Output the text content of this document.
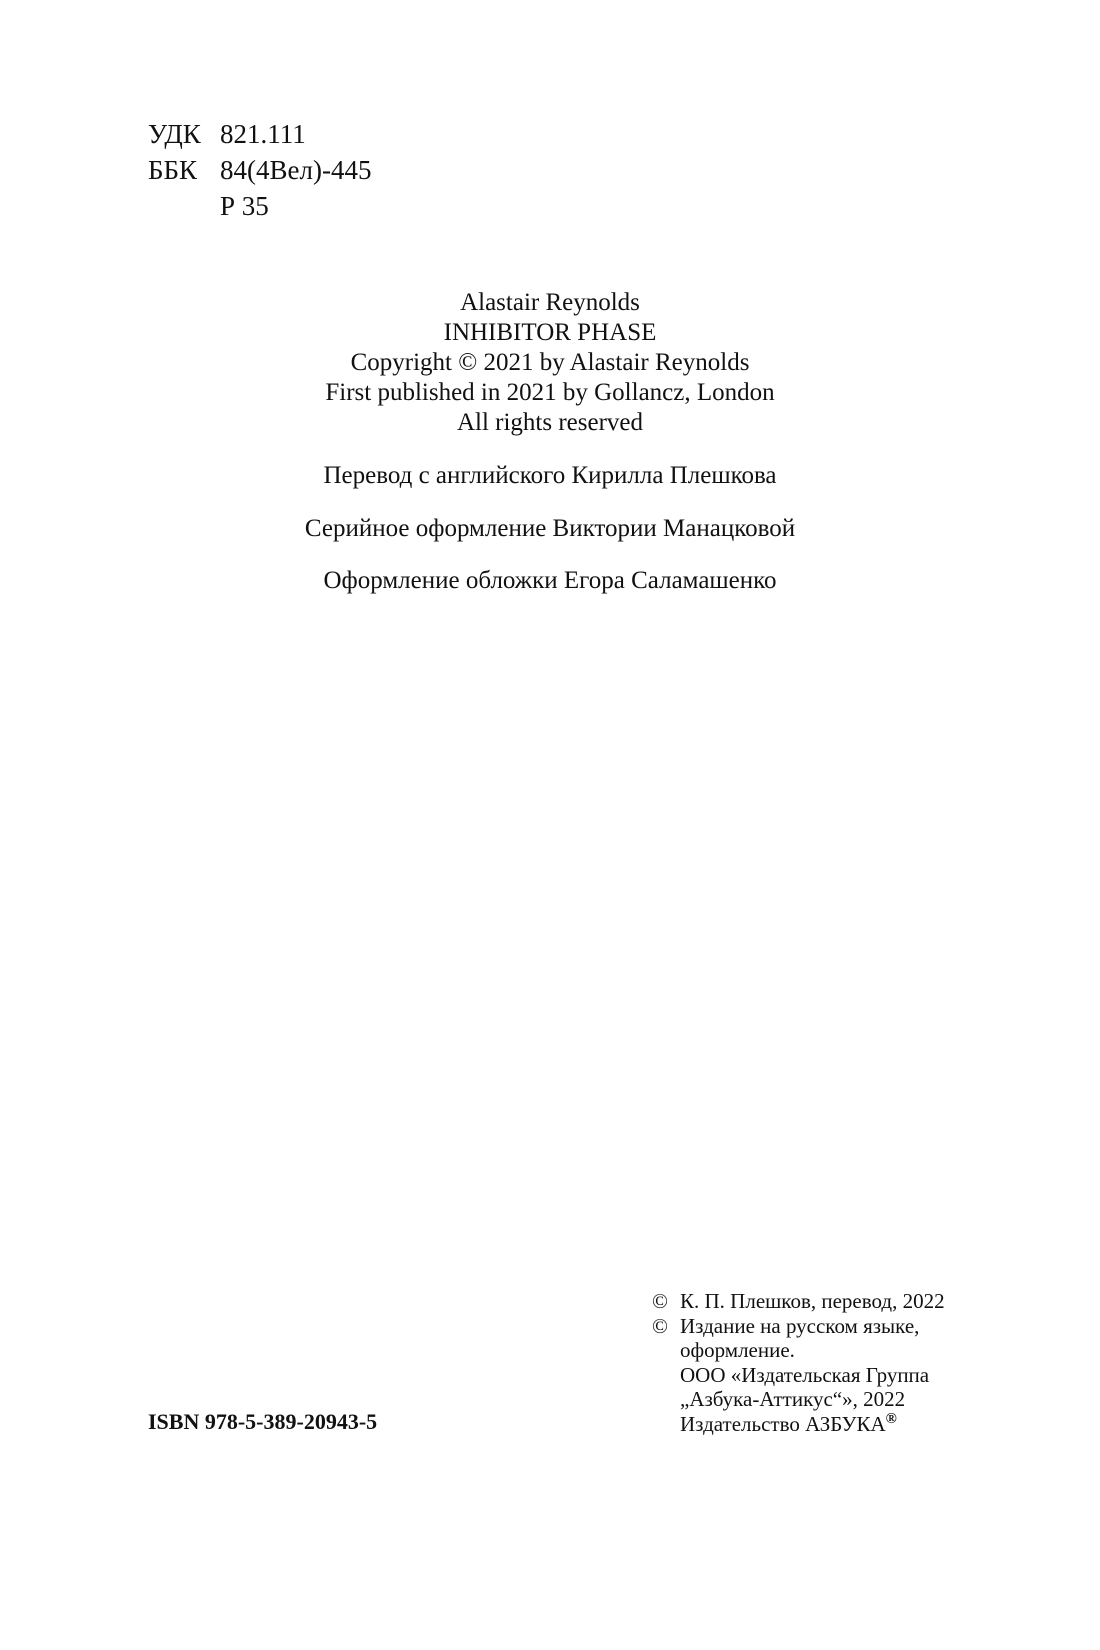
УДК 821.111
ББК 84(4Вел)-445
Р 35
Alastair Reynolds
INHIBITOR PHASE
Copyright © 2021 by Alastair Reynolds
First published in 2021 by Gollancz, London
All rights reserved
Перевод с английского Кирилла Плешкова
Серийное оформление Виктории Манацковой
Оформление обложки Егора Саламашенко
ISBN 978-5-389-20943-5
© К. П. Плешков, перевод, 2022
© Издание на русском языке,
оформление.
ООО «Издательская Группа
„Азбука-Аттикус“», 2022
Издательство АЗБУКА®
